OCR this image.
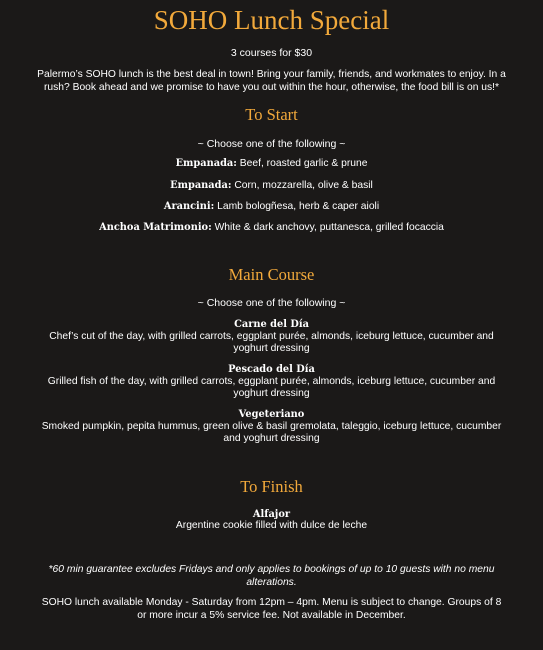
SOHO Lunch Special
3 courses for $30
Palermo’s SOHO lunch is the best deal in town! Bring your family, friends, and workmates to enjoy. In a rush? Book ahead and we promise to have you out within the hour, otherwise, the food bill is on us!*
To Start
~ Choose one of the following ~
Empanada: Beef, roasted garlic & prune
Empanada: Corn, mozzarella, olive & basil
Arancini: Lamb bologñesa, herb & caper aioli
Anchoa Matrimonio: White & dark anchovy, puttanesca, grilled focaccia
Main Course
~ Choose one of the following ~
Carne del Día
Chef’s cut of the day, with grilled carrots, eggplant purée, almonds, iceburg lettuce, cucumber and yoghurt dressing
Pescado del Día
Grilled fish of the day, with grilled carrots, eggplant purée, almonds, iceburg lettuce, cucumber and yoghurt dressing
Vegeteriano
Smoked pumpkin, pepita hummus, green olive & basil gremolata, taleggio, iceburg lettuce, cucumber and yoghurt dressing
To Finish
Alfajor
Argentine cookie filled with dulce de leche
*60 min guarantee excludes Fridays and only applies to bookings of up to 10 guests with no menu alterations.
SOHO lunch available Monday - Saturday from 12pm – 4pm. Menu is subject to change. Groups of 8 or more incur a 5% service fee. Not available in December.
